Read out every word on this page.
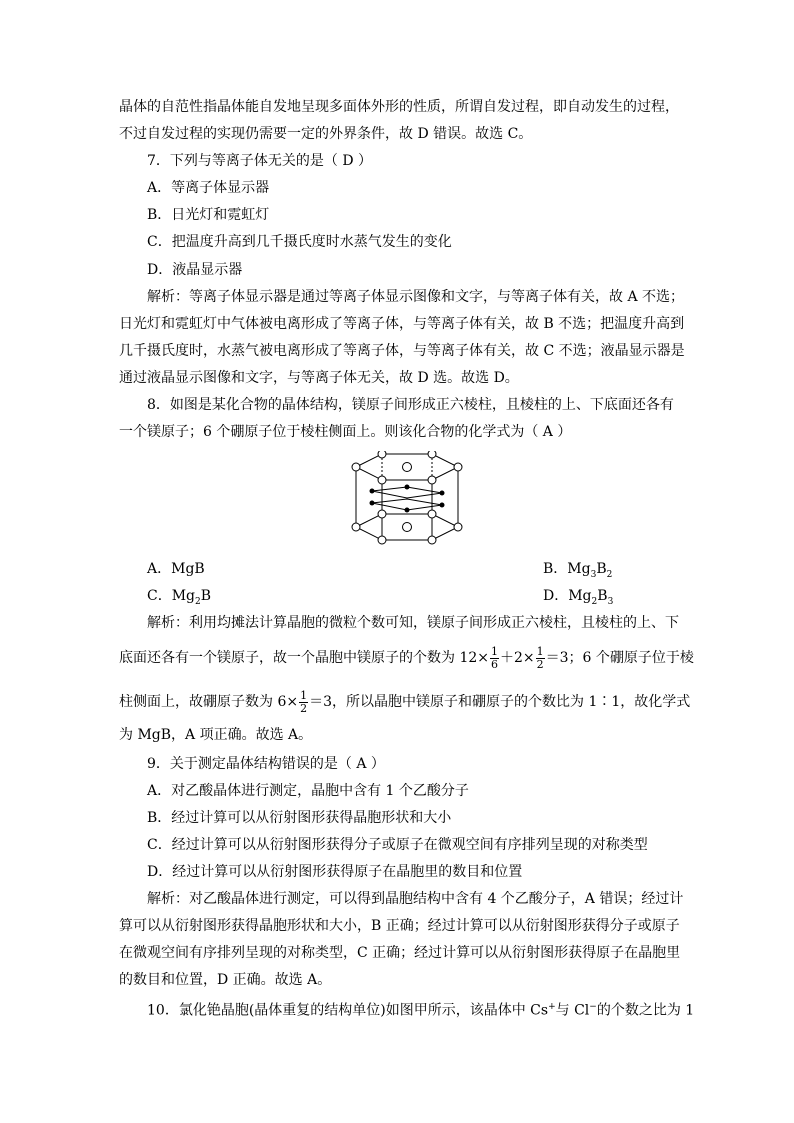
晶体的自范性指晶体能自发地呈现多面体外形的性质，所谓自发过程，即自动发生的过程，
不过自发过程的实现仍需要一定的外界条件，故 D 错误。故选 C。
7．下列与等离子体无关的是（ D ）
A．等离子体显示器
B．日光灯和霓虹灯
C．把温度升高到几千摄氏度时水蒸气发生的变化
D．液晶显示器
解析：等离子体显示器是通过等离子体显示图像和文字，与等离子体有关，故 A 不选；
日光灯和霓虹灯中气体被电离形成了等离子体，与等离子体有关，故 B 不选；把温度升高到
几千摄氏度时，水蒸气被电离形成了等离子体，与等离子体有关，故 C 不选；液晶显示器是
通过液晶显示图像和文字，与等离子体无关，故 D 选。故选 D。
8．如图是某化合物的晶体结构，镁原子间形成正六棱柱，且棱柱的上、下底面还各有
一个镁原子；6 个硼原子位于棱柱侧面上。则该化合物的化学式为（ A ）
A．MgB	B．$Mg_3B_2$
C．$Mg_2B$	D．$Mg_2B_3$
解析：利用均摊法计算晶胞的微粒个数可知，镁原子间形成正六棱柱，且棱柱的上、下
底面还各有一个镁原子，故一个晶胞中镁原子的个数为 $12\times \frac{1}{6} +2\times \frac{1}{2} =3$；6 个硼原子位于棱
柱侧面上，故硼原子数为 $6\times \frac{1}{2} =3$，所以晶胞中镁原子和硼原子的个数比为 1∶1，故化学式
为 MgB，A 项正确。故选 A。
9．关于测定晶体结构错误的是（ A ）
A．对乙酸晶体进行测定，晶胞中含有 1 个乙酸分子
B．经过计算可以从衍射图形获得晶胞形状和大小
C．经过计算可以从衍射图形获得分子或原子在微观空间有序排列呈现的对称类型
D．经过计算可以从衍射图形获得原子在晶胞里的数目和位置
解析：对乙酸晶体进行测定，可以得到晶胞结构中含有 4 个乙酸分子，A 错误；经过计
算可以从衍射图形获得晶胞形状和大小，B 正确；经过计算可以从衍射图形获得分子或原子
在微观空间有序排列呈现的对称类型，C 正确；经过计算可以从衍射图形获得原子在晶胞里
的数目和位置，D 正确。故选 A。
10．氯化铯晶胞(晶体重复的结构单位)如图甲所示，该晶体中 Cs+与 Cl−的个数之比为 1
